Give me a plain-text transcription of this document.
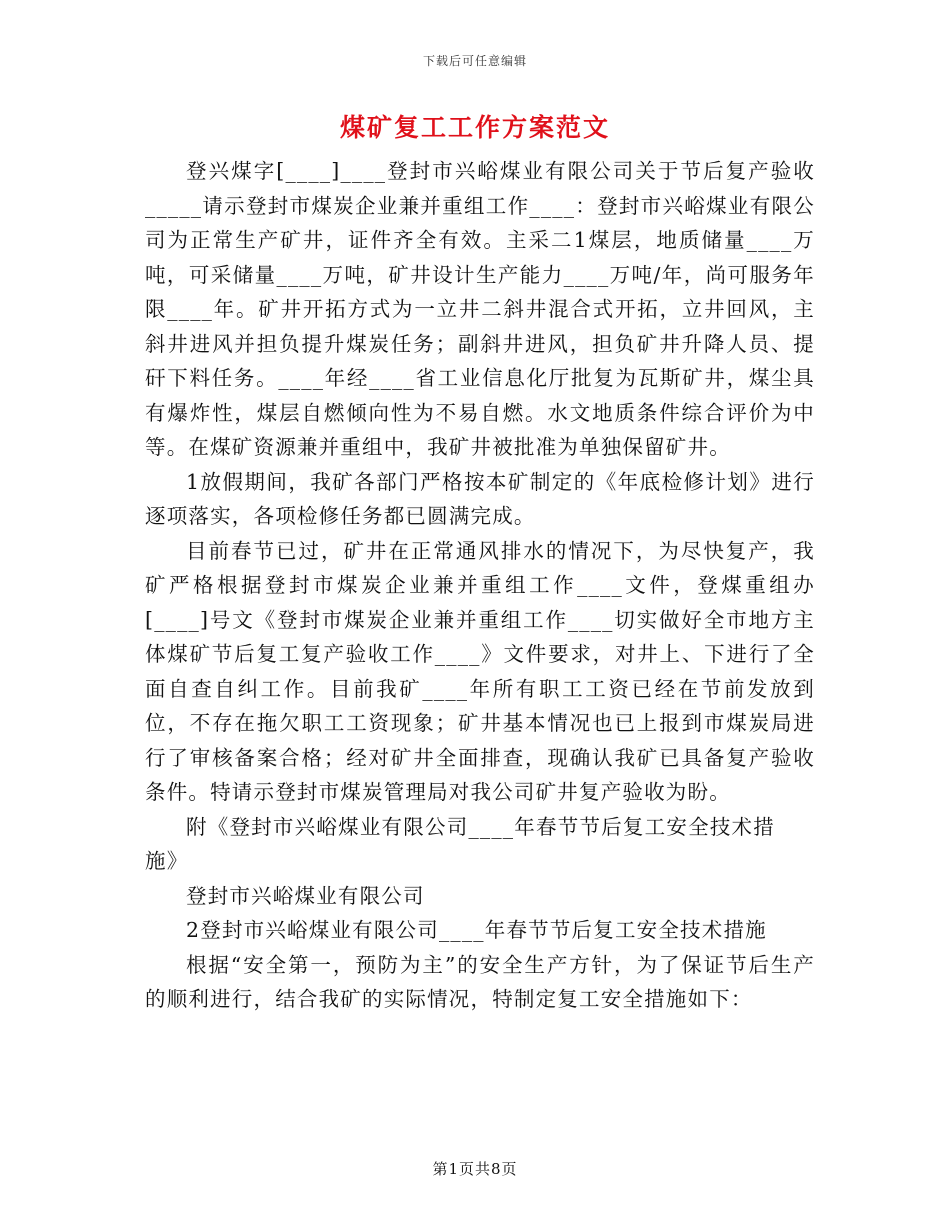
下载后可任意编辑
煤矿复工工作方案范文

登兴煤字[____]____登封市兴峪煤业有限公司关于节后复产验收_____请示登封市煤炭企业兼并重组工作____：登封市兴峪煤业有限公司为正常生产矿井，证件齐全有效。主采二1煤层，地质储量____万吨，可采储量____万吨，矿井设计生产能力____万吨/年，尚可服务年限____年。矿井开拓方式为一立井二斜井混合式开拓，立井回风，主斜井进风并担负提升煤炭任务；副斜井进风，担负矿井升降人员、提矸下料任务。____年经____省工业信息化厅批复为瓦斯矿井，煤尘具有爆炸性，煤层自燃倾向性为不易自燃。水文地质条件综合评价为中等。在煤矿资源兼并重组中，我矿井被批准为单独保留矿井。

1放假期间，我矿各部门严格按本矿制定的《年底检修计划》进行逐项落实，各项检修任务都已圆满完成。

目前春节已过，矿井在正常通风排水的情况下，为尽快复产，我矿严格根据登封市煤炭企业兼并重组工作____文件，登煤重组办[____]号文《登封市煤炭企业兼并重组工作____切实做好全市地方主体煤矿节后复工复产验收工作____》文件要求，对井上、下进行了全面自查自纠工作。目前我矿____年所有职工工资已经在节前发放到位，不存在拖欠职工工资现象；矿井基本情况也已上报到市煤炭局进行了审核备案合格；经对矿井全面排查，现确认我矿已具备复产验收条件。特请示登封市煤炭管理局对我公司矿井复产验收为盼。

附《登封市兴峪煤业有限公司____年春节节后复工安全技术措施》

登封市兴峪煤业有限公司

2登封市兴峪煤业有限公司____年春节节后复工安全技术措施

根据“安全第一，预防为主”的安全生产方针，为了保证节后生产的顺利进行，结合我矿的实际情况，特制定复工安全措施如下：

第1页共8页
